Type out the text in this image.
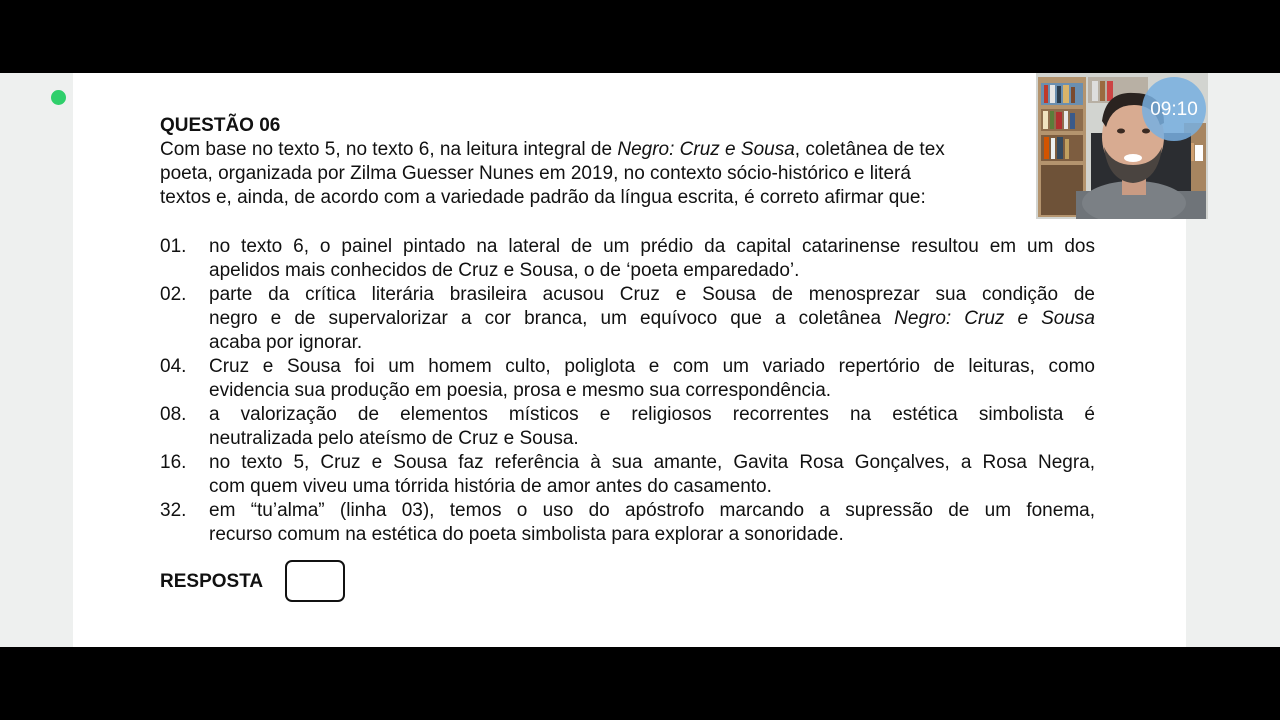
QUESTÃO 06

Com base no texto 5, no texto 6, na leitura integral de Negro: Cruz e Sousa, coletânea de tex
poeta, organizada por Zilma Guesser Nunes em 2019, no contexto sócio-histórico e literá
textos e, ainda, de acordo com a variedade padrão da língua escrita, é correto afirmar que:

01. no texto 6, o painel pintado na lateral de um prédio da capital catarinense resultou em um dos
apelidos mais conhecidos de Cruz e Sousa, o de ‘poeta emparedado’.
02. parte da crítica literária brasileira acusou Cruz e Sousa de menosprezar sua condição de
negro e de supervalorizar a cor branca, um equívoco que a coletânea Negro: Cruz e Sousa
acaba por ignorar.
04. Cruz e Sousa foi um homem culto, poliglota e com um variado repertório de leituras, como
evidencia sua produção em poesia, prosa e mesmo sua correspondência.
08. a valorização de elementos místicos e religiosos recorrentes na estética simbolista é
neutralizada pelo ateísmo de Cruz e Sousa.
16. no texto 5, Cruz e Sousa faz referência à sua amante, Gavita Rosa Gonçalves, a Rosa Negra,
com quem viveu uma tórrida história de amor antes do casamento.
32. em “tu’alma” (linha 03), temos o uso do apóstrofo marcando a supressão de um fonema,
recurso comum na estética do poeta simbolista para explorar a sonoridade.
RESPOSTA
09:10
